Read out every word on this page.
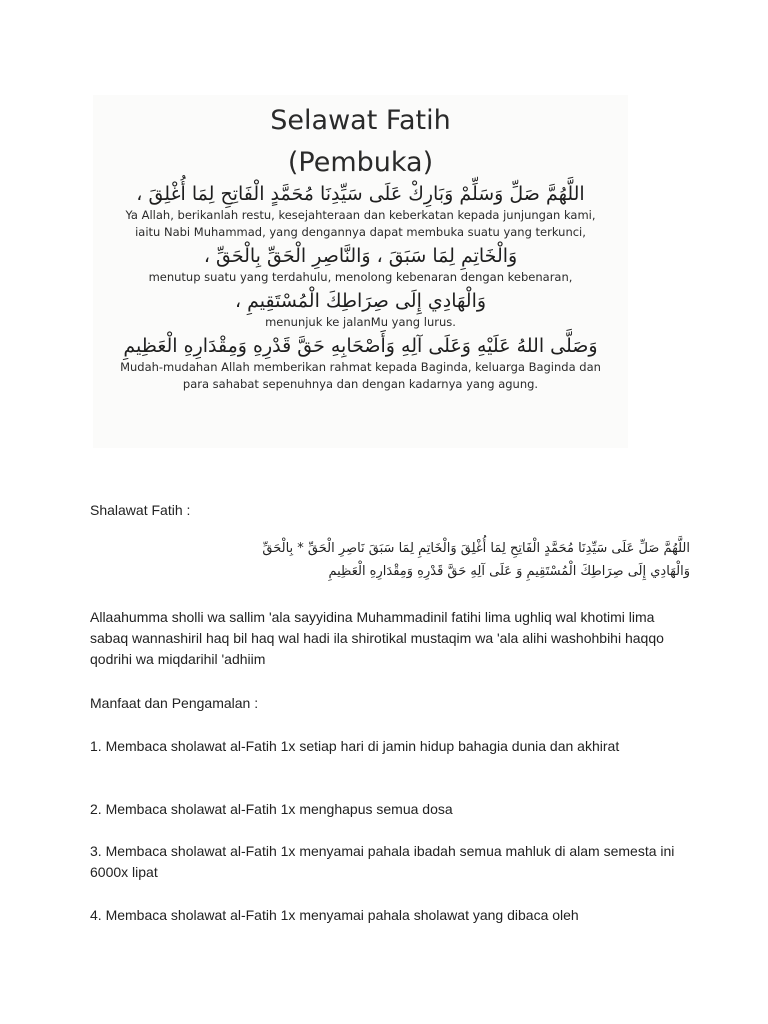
Selawat Fatih

(Pembuka)

اللَّهُمَّ صَلِّ وَسَلِّمْ وَبَارِكْ عَلَى سَيِّدِنَا مُحَمَّدٍ الْفَاتِحِ لِمَا أُغْلِقَ ،

Ya Allah, berikanlah restu, kesejahteraan dan keberkatan kepada junjungan kami,

iaitu Nabi Muhammad, yang dengannya dapat membuka suatu yang terkunci,

وَالْخَاتِمِ لِمَا سَبَقَ ، وَالنَّاصِرِ الْحَقِّ بِالْحَقِّ ،

menutup suatu yang terdahulu, menolong kebenaran dengan kebenaran,

وَالْهَادِي إِلَى صِرَاطِكَ الْمُسْتَقِيمِ ،

menunjuk ke jalanMu yang lurus.

وَصَلَّى اللهُ عَلَيْهِ وَعَلَى آلِهِ وَأَصْحَابِهِ حَقَّ قَدْرِهِ وَمِقْدَارِهِ الْعَظِيمِ

Mudah-mudahan Allah memberikan rahmat kepada Baginda, keluarga Baginda dan

para sahabat sepenuhnya dan dengan kadarnya yang agung.

Shalawat Fatih :

اللَّهُمَّ صَلِّ عَلَى سَيِّدِنَا مُحَمَّدٍ الْفَاتِحِ لِمَا أُغْلِقَ وَالْخَاتِمِ لِمَا سَبَقَ نَاصِرِ الْحَقِّ * بِالْحَقِّ

وَالْهَادِي إِلَى صِرَاطِكَ الْمُسْتَقِيمِ وَ عَلَى آلِهِ حَقَّ قَدْرِهِ وَمِقْدَارِهِ الْعَظِيمِ

Allaahumma sholli wa sallim 'ala sayyidina Muhammadinil fatihi lima ughliq wal khotimi lima sabaq wannashiril haq bil haq wal hadi ila shirotikal mustaqim wa 'ala alihi washohbihi haqqo qodrihi wa miqdarihil 'adhiim

Manfaat dan Pengamalan :

1. Membaca sholawat al-Fatih 1x setiap hari di jamin hidup bahagia dunia dan akhirat

2. Membaca sholawat al-Fatih 1x menghapus semua dosa

3. Membaca sholawat al-Fatih 1x menyamai pahala ibadah semua mahluk di alam semesta ini 6000x lipat

4. Membaca sholawat al-Fatih 1x menyamai pahala sholawat yang dibaca oleh
